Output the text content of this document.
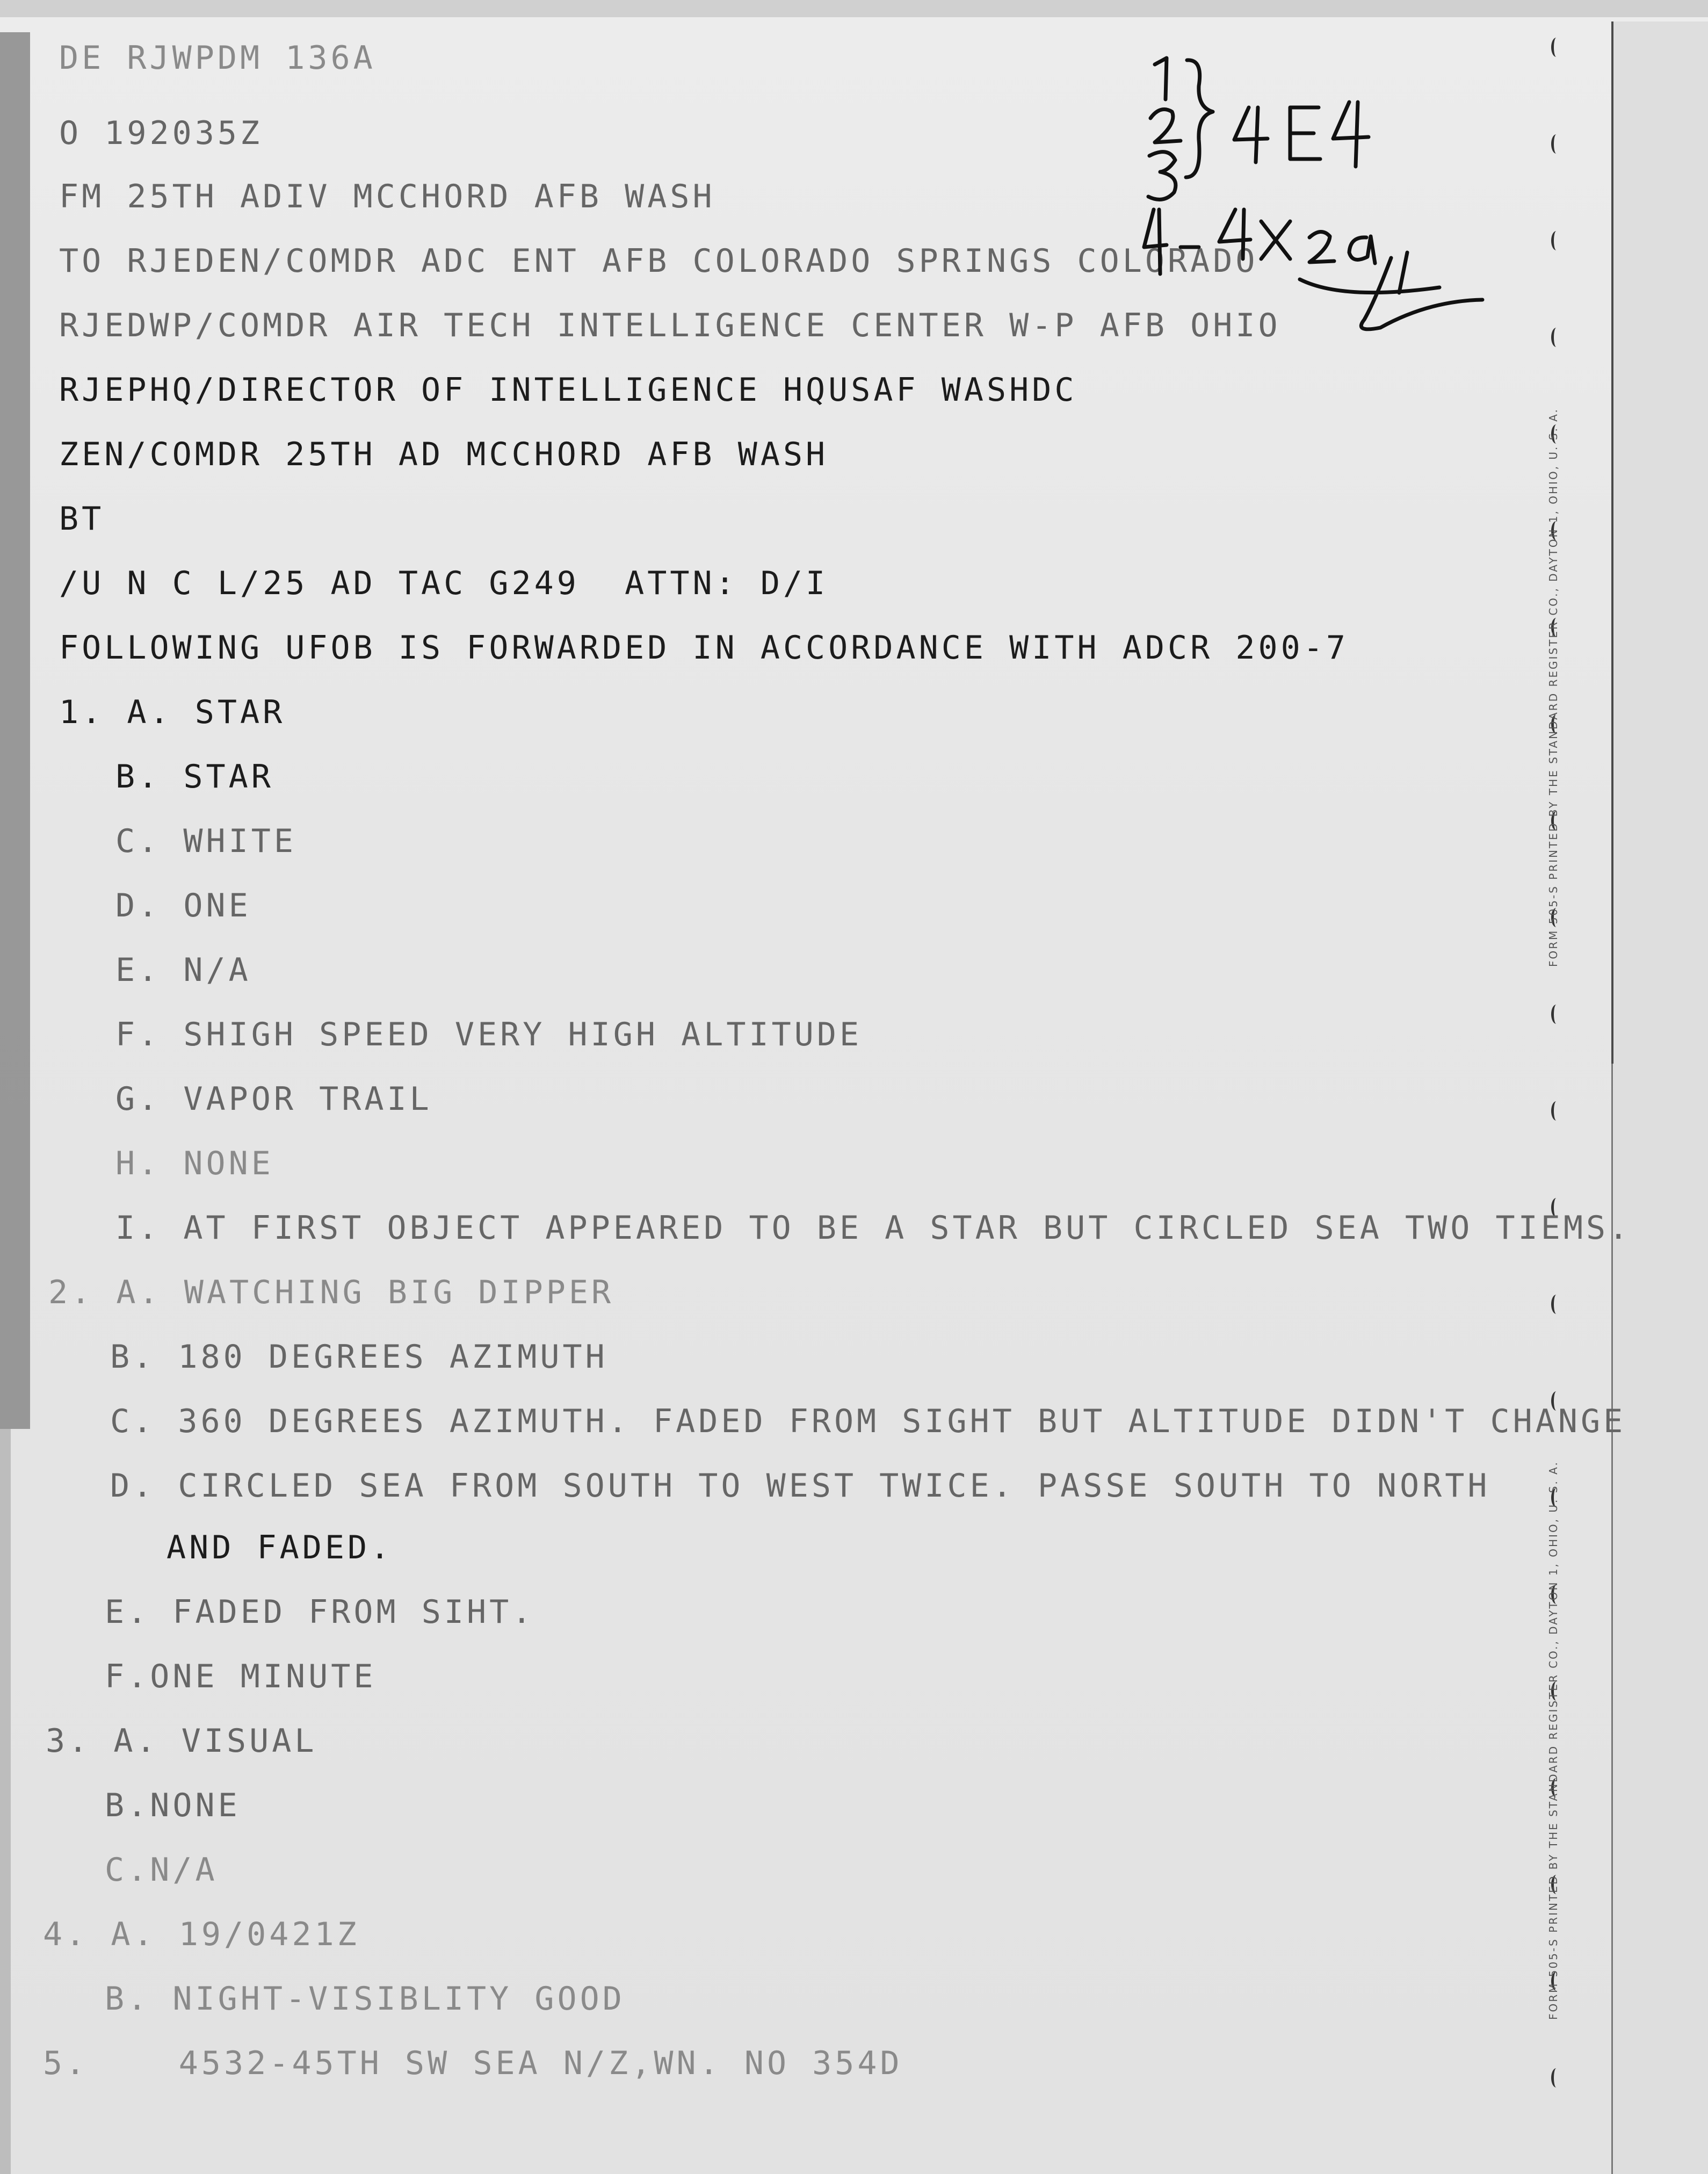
FORM 505-S PRINTED BY THE STANDARD REGISTER CO., DAYTON 1, OHIO, U. S. A.
FORM 505-S PRINTED BY THE STANDARD REGISTER CO., DAYTON 1, OHIO, U. S. A.
DE RJWPDM 136A
O 192035Z
FM 25TH ADIV MCCHORD AFB WASH
TO RJEDEN/COMDR ADC ENT AFB COLORADO SPRINGS COLORADO
RJEDWP/COMDR AIR TECH INTELLIGENCE CENTER W-P AFB OHIO
RJEPHQ/DIRECTOR OF INTELLIGENCE HQUSAF WASHDC
ZEN/COMDR 25TH AD MCCHORD AFB WASH
BT
/U N C L/25 AD TAC G249  ATTN: D/I
FOLLOWING UFOB IS FORWARDED IN ACCORDANCE WITH ADCR 200-7
1. A. STAR
B. STAR
C. WHITE
D. ONE
E. N/A
F. SHIGH SPEED VERY HIGH ALTITUDE
G. VAPOR TRAIL
H. NONE
I. AT FIRST OBJECT APPEARED TO BE A STAR BUT CIRCLED SEA TWO TIEMS.
2. A. WATCHING BIG DIPPER
B. 180 DEGREES AZIMUTH
C. 360 DEGREES AZIMUTH. FADED FROM SIGHT BUT ALTITUDE DIDN'T CHANGE
D. CIRCLED SEA FROM SOUTH TO WEST TWICE. PASSE SOUTH TO NORTH
AND FADED.
E. FADED FROM SIHT.
F.ONE MINUTE
3. A. VISUAL
B.NONE
C.N/A
4. A. 19/0421Z
B. NIGHT-VISIBLITY GOOD
5.    4532-45TH SW SEA N/Z,WN. NO 354D
